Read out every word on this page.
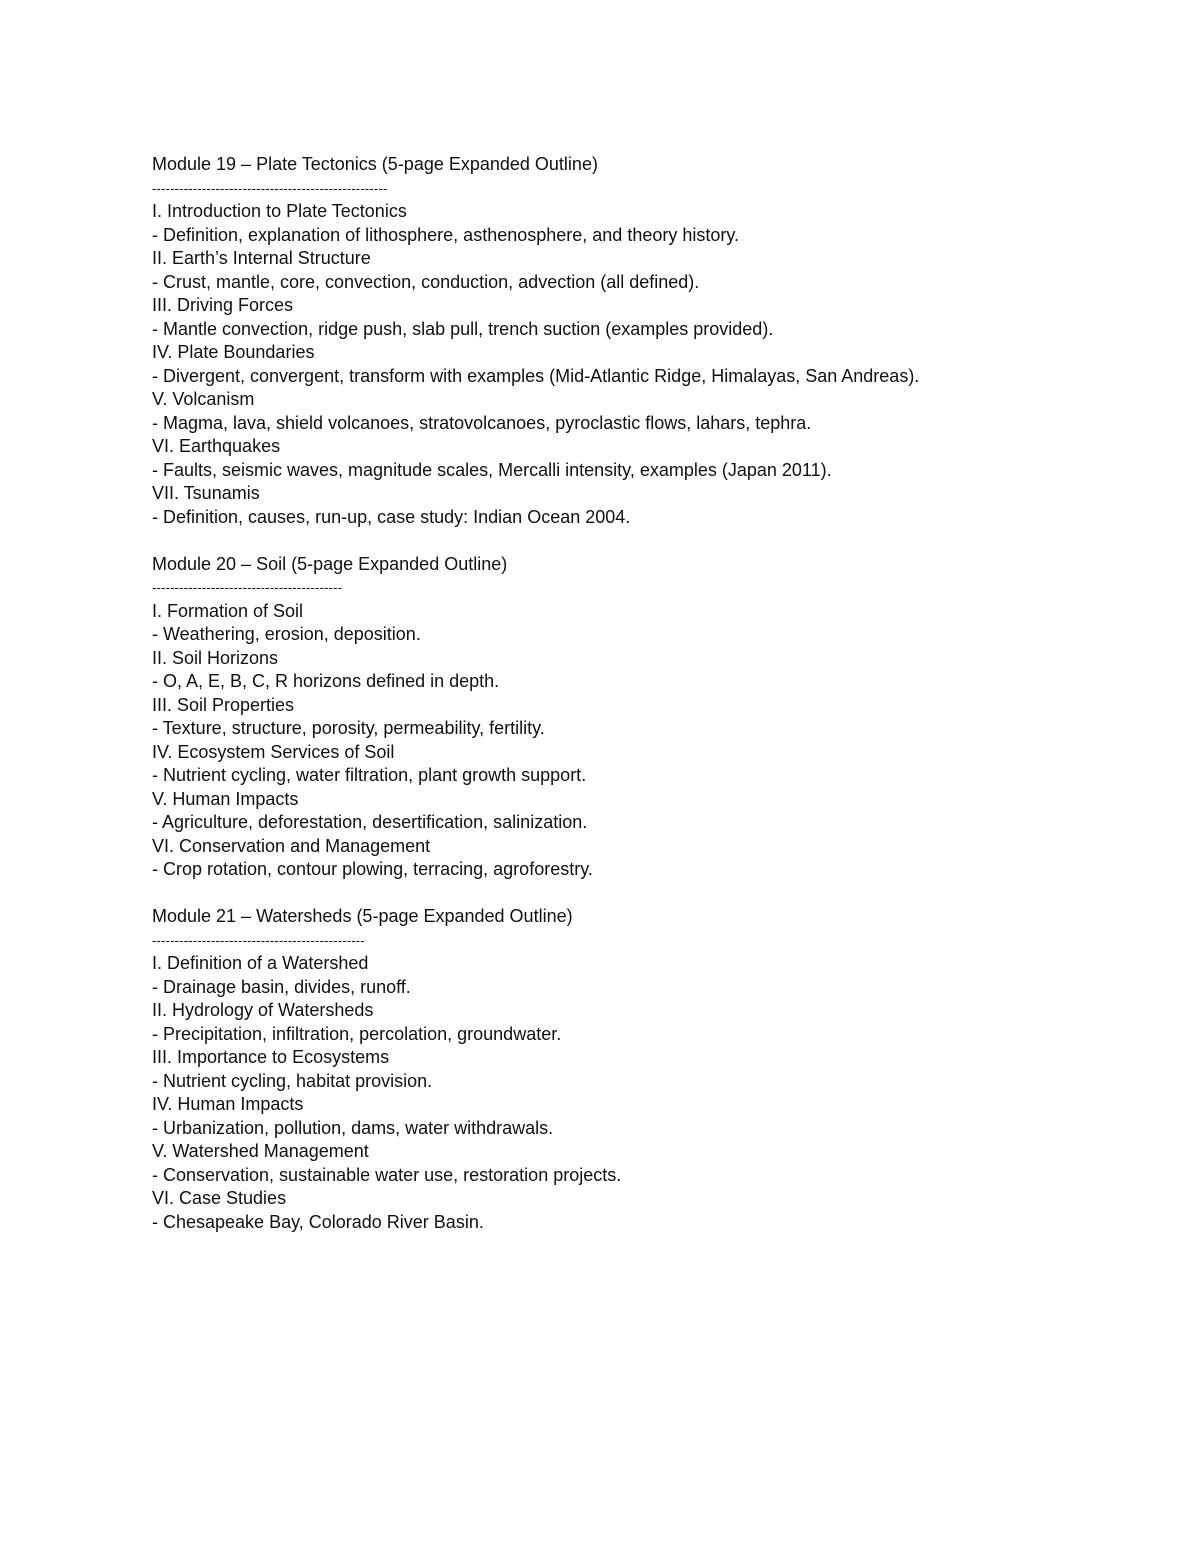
Module 19 – Plate Tectonics (5-page Expanded Outline)
----------------------------------------------------
I. Introduction to Plate Tectonics
- Definition, explanation of lithosphere, asthenosphere, and theory history.
II. Earth’s Internal Structure
- Crust, mantle, core, convection, conduction, advection (all defined).
III. Driving Forces
- Mantle convection, ridge push, slab pull, trench suction (examples provided).
IV. Plate Boundaries
- Divergent, convergent, transform with examples (Mid-Atlantic Ridge, Himalayas, San Andreas).
V. Volcanism
- Magma, lava, shield volcanoes, stratovolcanoes, pyroclastic flows, lahars, tephra.
VI. Earthquakes
- Faults, seismic waves, magnitude scales, Mercalli intensity, examples (Japan 2011).
VII. Tsunamis
- Definition, causes, run-up, case study: Indian Ocean 2004.
Module 20 – Soil (5-page Expanded Outline)
------------------------------------------
I. Formation of Soil
- Weathering, erosion, deposition.
II. Soil Horizons
- O, A, E, B, C, R horizons defined in depth.
III. Soil Properties
- Texture, structure, porosity, permeability, fertility.
IV. Ecosystem Services of Soil
- Nutrient cycling, water filtration, plant growth support.
V. Human Impacts
- Agriculture, deforestation, desertification, salinization.
VI. Conservation and Management
- Crop rotation, contour plowing, terracing, agroforestry.
Module 21 – Watersheds (5-page Expanded Outline)
-----------------------------------------------
I. Definition of a Watershed
- Drainage basin, divides, runoff.
II. Hydrology of Watersheds
- Precipitation, infiltration, percolation, groundwater.
III. Importance to Ecosystems
- Nutrient cycling, habitat provision.
IV. Human Impacts
- Urbanization, pollution, dams, water withdrawals.
V. Watershed Management
- Conservation, sustainable water use, restoration projects.
VI. Case Studies
- Chesapeake Bay, Colorado River Basin.
